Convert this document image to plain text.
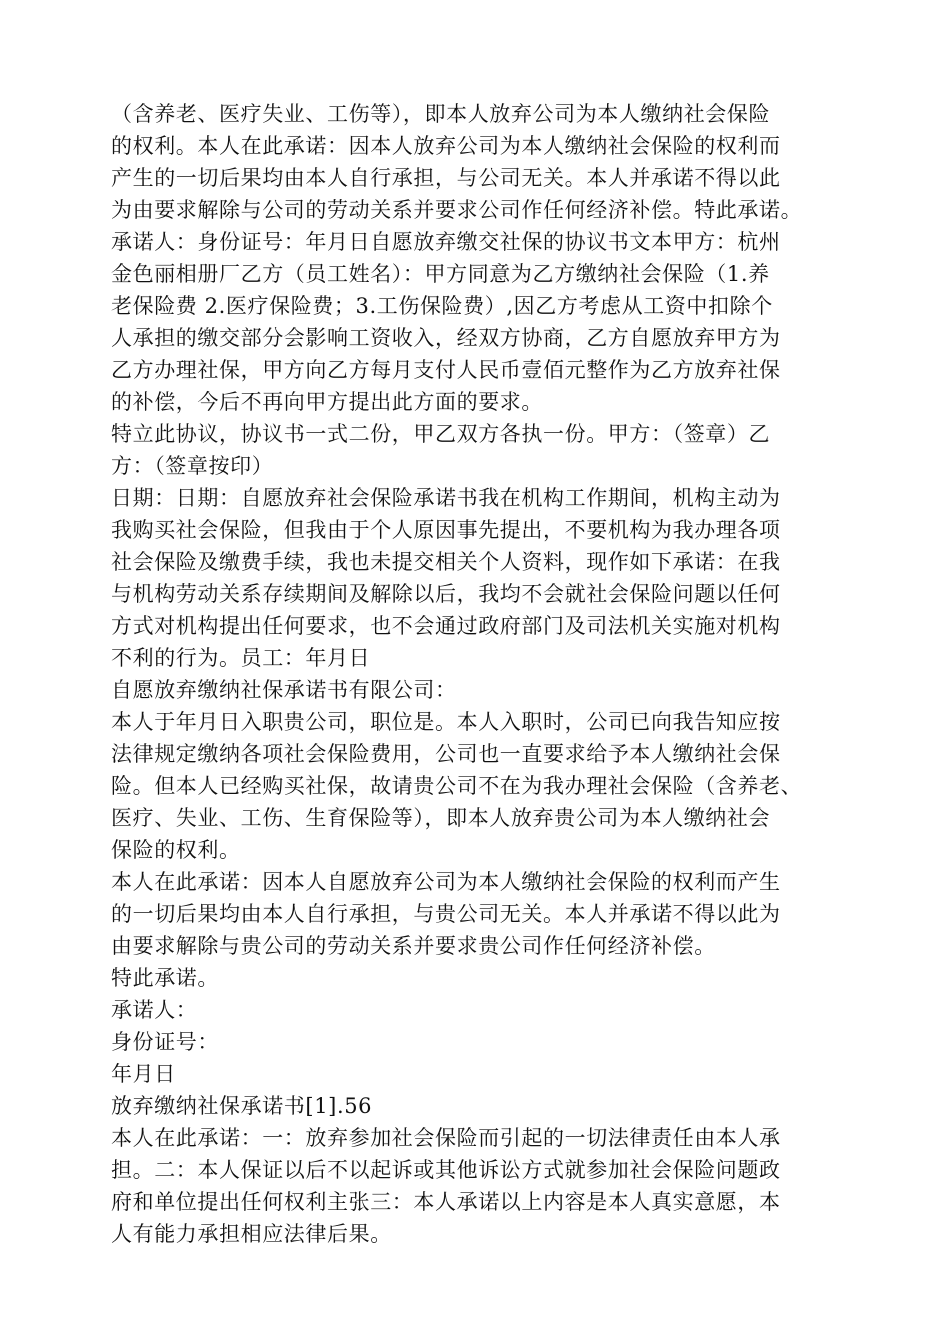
（含养老、医疗失业、工伤等），即本人放弃公司为本人缴纳社会保险
的权利。本人在此承诺：因本人放弃公司为本人缴纳社会保险的权利而
产生的一切后果均由本人自行承担，与公司无关。本人并承诺不得以此
为由要求解除与公司的劳动关系并要求公司作任何经济补偿。特此承诺。
承诺人：身份证号：年月日自愿放弃缴交社保的协议书文本甲方：杭州
金色丽相册厂乙方（员工姓名）：甲方同意为乙方缴纳社会保险（1.养
老保险费 2.医疗保险费；3.工伤保险费）,因乙方考虑从工资中扣除个
人承担的缴交部分会影响工资收入，经双方协商，乙方自愿放弃甲方为
乙方办理社保，甲方向乙方每月支付人民币壹佰元整作为乙方放弃社保
的补偿，今后不再向甲方提出此方面的要求。
特立此协议，协议书一式二份，甲乙双方各执一份。甲方：（签章）乙
方：（签章按印）
日期：日期：自愿放弃社会保险承诺书我在机构工作期间，机构主动为
我购买社会保险，但我由于个人原因事先提出，不要机构为我办理各项
社会保险及缴费手续，我也未提交相关个人资料，现作如下承诺：在我
与机构劳动关系存续期间及解除以后，我均不会就社会保险问题以任何
方式对机构提出任何要求，也不会通过政府部门及司法机关实施对机构
不利的行为。员工：年月日
自愿放弃缴纳社保承诺书有限公司：
本人于年月日入职贵公司，职位是。本人入职时，公司已向我告知应按
法律规定缴纳各项社会保险费用，公司也一直要求给予本人缴纳社会保
险。但本人已经购买社保，故请贵公司不在为我办理社会保险（含养老、
医疗、失业、工伤、生育保险等），即本人放弃贵公司为本人缴纳社会
保险的权利。
本人在此承诺：因本人自愿放弃公司为本人缴纳社会保险的权利而产生
的一切后果均由本人自行承担，与贵公司无关。本人并承诺不得以此为
由要求解除与贵公司的劳动关系并要求贵公司作任何经济补偿。
特此承诺。
承诺人：
身份证号：
年月日
放弃缴纳社保承诺书[1].56
本人在此承诺：一：放弃参加社会保险而引起的一切法律责任由本人承
担。二：本人保证以后不以起诉或其他诉讼方式就参加社会保险问题政
府和单位提出任何权利主张三：本人承诺以上内容是本人真实意愿，本
人有能力承担相应法律后果。
